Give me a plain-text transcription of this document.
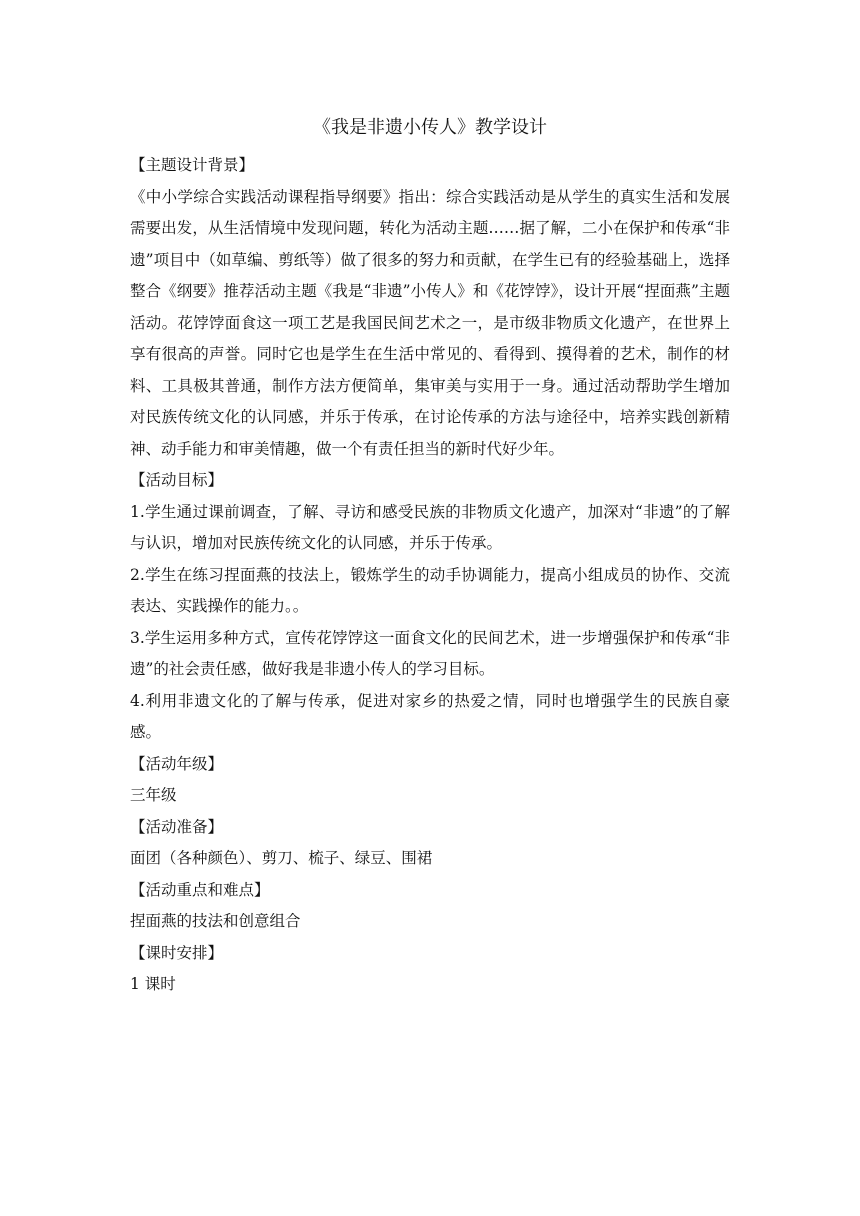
《我是非遗小传人》教学设计

【主题设计背景】

《中小学综合实践活动课程指导纲要》指出：综合实践活动是从学生的真实生活和发展需要出发，从生活情境中发现问题，转化为活动主题……据了解，二小在保护和传承“非遗”项目中（如草编、剪纸等）做了很多的努力和贡献，在学生已有的经验基础上，选择整合《纲要》推荐活动主题《我是“非遗”小传人》和《花饽饽》，设计开展“捏面燕”主题活动。花饽饽面食这一项工艺是我国民间艺术之一，是市级非物质文化遗产，在世界上享有很高的声誉。同时它也是学生在生活中常见的、看得到、摸得着的艺术，制作的材料、工具极其普通，制作方法方便简单，集审美与实用于一身。通过活动帮助学生增加对民族传统文化的认同感，并乐于传承，在讨论传承的方法与途径中，培养实践创新精神、动手能力和审美情趣，做一个有责任担当的新时代好少年。

【活动目标】

1.学生通过课前调查，了解、寻访和感受民族的非物质文化遗产，加深对“非遗”的了解与认识，增加对民族传统文化的认同感，并乐于传承。

2.学生在练习捏面燕的技法上，锻炼学生的动手协调能力，提高小组成员的协作、交流表达、实践操作的能力。。

3.学生运用多种方式，宣传花饽饽这一面食文化的民间艺术，进一步增强保护和传承“非遗”的社会责任感，做好我是非遗小传人的学习目标。

4.利用非遗文化的了解与传承，促进对家乡的热爱之情，同时也增强学生的民族自豪感。

【活动年级】

三年级

【活动准备】

面团（各种颜色）、剪刀、梳子、绿豆、围裙

【活动重点和难点】

捏面燕的技法和创意组合

【课时安排】

1 课时
